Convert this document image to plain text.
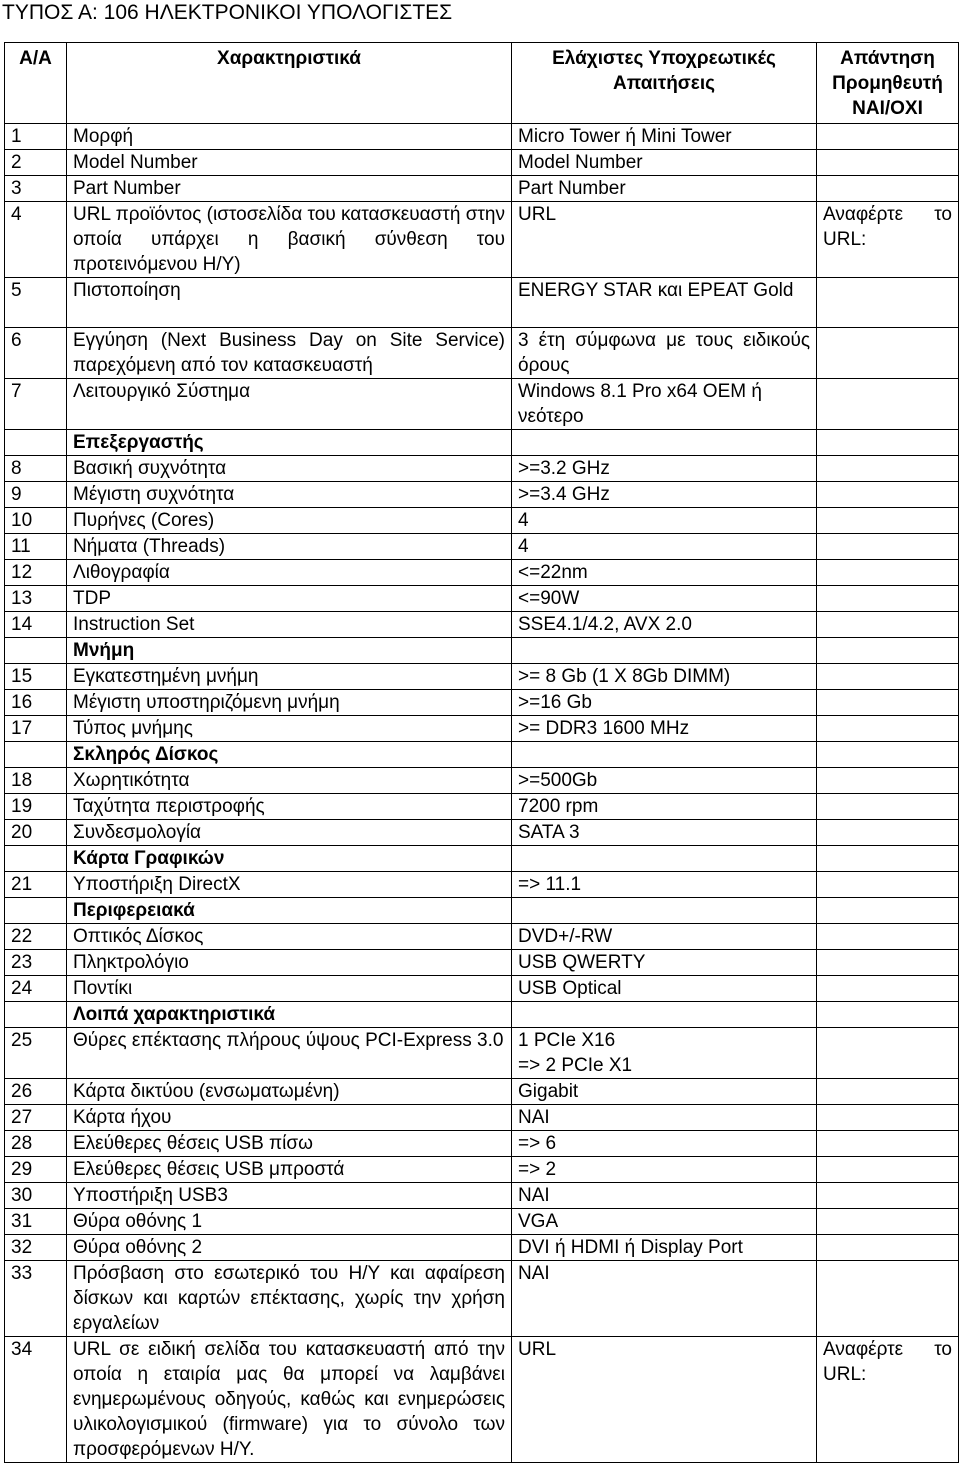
ΤΥΠΟΣ Α: 106 ΗΛΕΚΤΡΟΝΙΚΟΙ ΥΠΟΛΟΓΙΣΤΕΣ
Α/Α	Χαρακτηριστικά	Ελάχιστες Υποχρεωτικές Απαιτήσεις	Απάντηση Προμηθευτή ΝΑΙ/ΟΧΙ
1	Μορφή	Micro Tower ή Mini Tower	
2	Model Number	Model Number	
3	Part Number	Part Number	
4	URL προϊόντος (ιστοσελίδα του κατασκευαστή στην οποία υπάρχει η βασική σύνθεση του προτεινόμενου Η/Υ)	URL	Αναφέρτε το URL:
5	Πιστοποίηση	ENERGY STAR και EPEAT Gold	
6	Εγγύηση (Next Business Day on Site Service) παρεχόμενη από τον κατασκευαστή	3 έτη σύμφωνα με τους ειδικούς όρους	
7	Λειτουργικό Σύστημα	Windows 8.1 Pro x64 OEM ή νεότερο	
	Επεξεργαστής		
8	Βασική συχνότητα	>=3.2 GHz	
9	Μέγιστη συχνότητα	>=3.4 GHz	
10	Πυρήνες (Cores)	4	
11	Νήματα (Threads)	4	
12	Λιθογραφία	<=22nm	
13	TDP	<=90W	
14	Instruction Set	SSE4.1/4.2, AVX 2.0	
	Μνήμη		
15	Εγκατεστημένη μνήμη	>= 8 Gb (1 X 8Gb DIMM)	
16	Μέγιστη υποστηριζόμενη μνήμη	>=16 Gb	
17	Τύπος μνήμης	>= DDR3 1600 MHz	
	Σκληρός Δίσκος		
18	Χωρητικότητα	>=500Gb	
19	Ταχύτητα περιστροφής	7200 rpm	
20	Συνδεσμολογία	SATA 3	
	Κάρτα Γραφικών		
21	Υποστήριξη DirectX	=> 11.1	
	Περιφερειακά		
22	Οπτικός Δίσκος	DVD+/-RW	
23	Πληκτρολόγιο	USB QWERTY	
24	Ποντίκι	USB Optical	
	Λοιπά χαρακτηριστικά		
25	Θύρες επέκτασης πλήρους ύψους PCI-Express 3.0	1 PCIe X16
=> 2 PCIe X1	
26	Κάρτα δικτύου (ενσωματωμένη)	Gigabit	
27	Κάρτα ήχου	ΝΑΙ	
28	Ελεύθερες θέσεις USB πίσω	=> 6	
29	Ελεύθερες θέσεις USB μπροστά	=> 2	
30	Υποστήριξη USB3	ΝΑΙ	
31	Θύρα οθόνης 1	VGA	
32	Θύρα οθόνης 2	DVI ή HDMI ή Display Port	
33	Πρόσβαση στο εσωτερικό του Η/Υ και αφαίρεση δίσκων και καρτών επέκτασης, χωρίς την χρήση εργαλείων	ΝΑΙ	
34	URL σε ειδική σελίδα του κατασκευαστή από την οποία η εταιρία μας θα μπορεί να λαμβάνει ενημερωμένους οδηγούς, καθώς και ενημερώσεις υλικολογισμικού (firmware) για το σύνολο των προσφερόμενων Η/Υ.	URL	Αναφέρτε το URL:
